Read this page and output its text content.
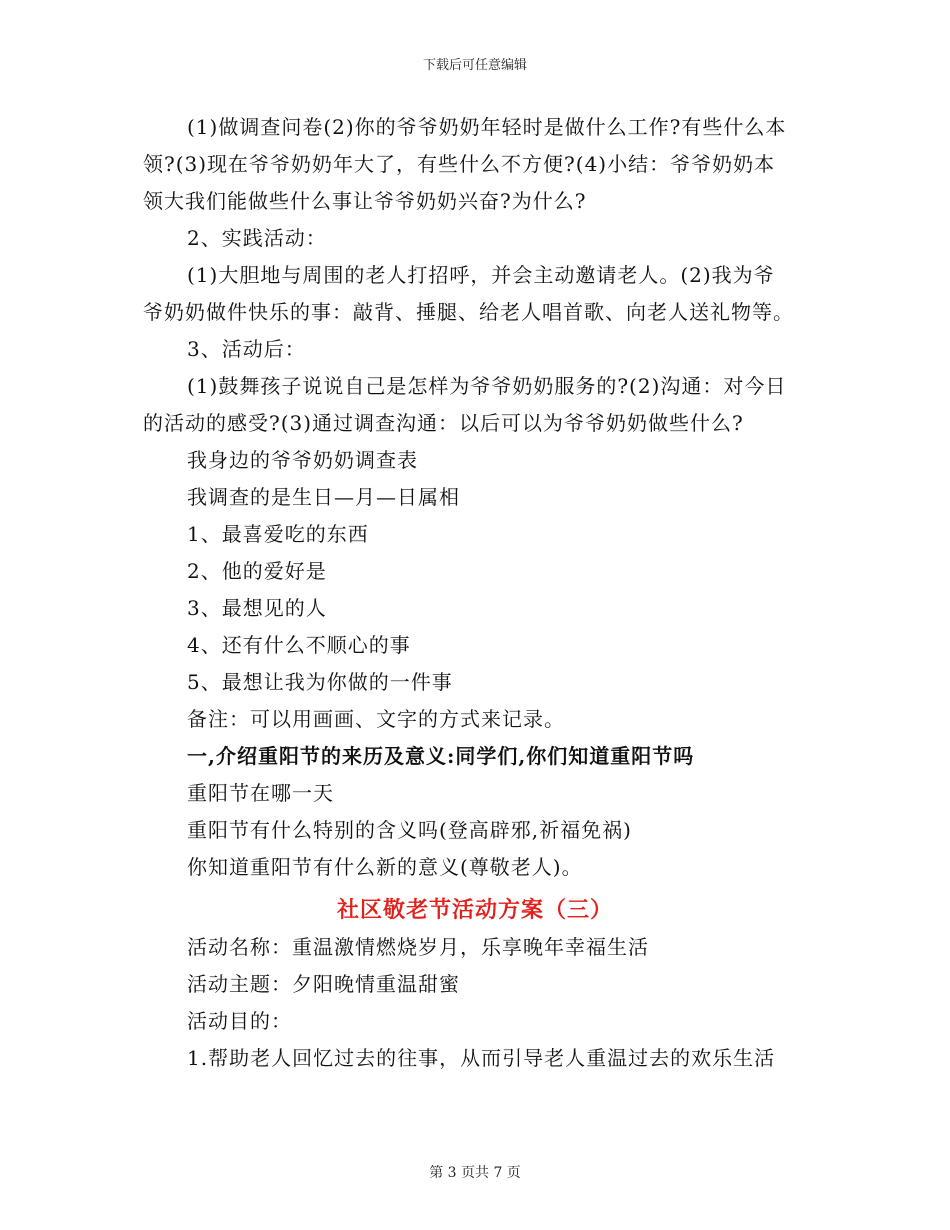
下载后可任意编辑
(1)做调查问卷(2)你的爷爷奶奶年轻时是做什么工作?有些什么本
领?(3)现在爷爷奶奶年大了，有些什么不方便?(4)小结：爷爷奶奶本
领大我们能做些什么事让爷爷奶奶兴奋?为什么?
2、实践活动：
(1)大胆地与周围的老人打招呼，并会主动邀请老人。(2)我为爷
爷奶奶做件快乐的事：敲背、捶腿、给老人唱首歌、向老人送礼物等。
3、活动后：
(1)鼓舞孩子说说自己是怎样为爷爷奶奶服务的?(2)沟通：对今日
的活动的感受?(3)通过调查沟通：以后可以为爷爷奶奶做些什么?
我身边的爷爷奶奶调查表
我调查的是生日—月—日属相
1、最喜爱吃的东西
2、他的爱好是
3、最想见的人
4、还有什么不顺心的事
5、最想让我为你做的一件事
备注：可以用画画、文字的方式来记录。
一,介绍重阳节的来历及意义:同学们,你们知道重阳节吗
重阳节在哪一天
重阳节有什么特别的含义吗(登高辟邪,祈福免祸)
你知道重阳节有什么新的意义(尊敬老人)。
社区敬老节活动方案（三）
活动名称：重温激情燃烧岁月，乐享晚年幸福生活
活动主题：夕阳晚情重温甜蜜
活动目的：
1.帮助老人回忆过去的往事，从而引导老人重温过去的欢乐生活
第 3 页共 7 页
